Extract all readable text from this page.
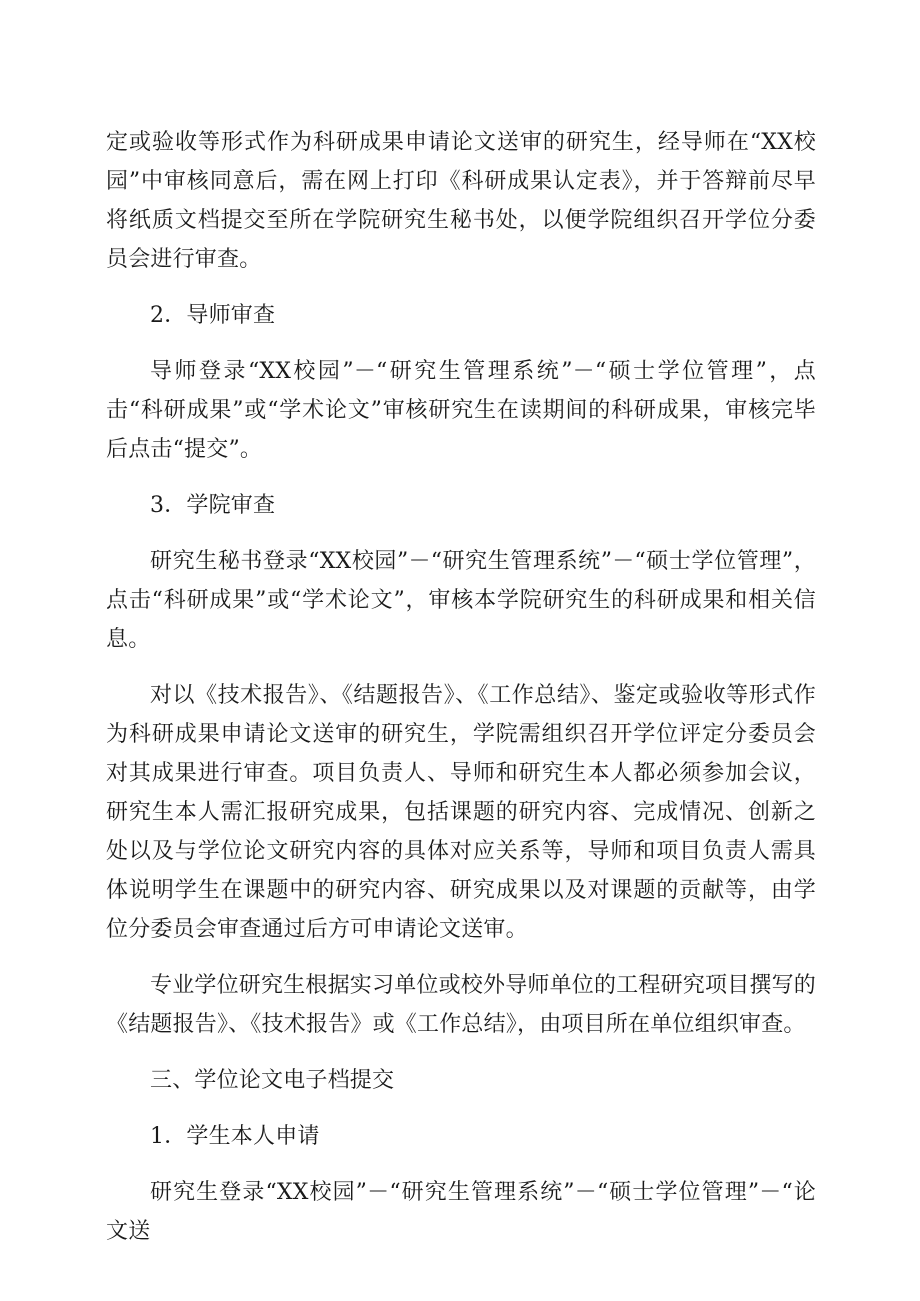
定或验收等形式作为科研成果申请论文送审的研究生，经导师在“XX校园”中审核同意后，需在网上打印《科研成果认定表》，并于答辩前尽早将纸质文档提交至所在学院研究生秘书处，以便学院组织召开学位分委员会进行审查。

2．导师审查

导师登录“XX校园”－“研究生管理系统”－“硕士学位管理”，点击“科研成果”或“学术论文”审核研究生在读期间的科研成果，审核完毕后点击“提交”。

3．学院审查

研究生秘书登录“XX校园”－“研究生管理系统”－“硕士学位管理”，点击“科研成果”或“学术论文”，审核本学院研究生的科研成果和相关信息。

对以《技术报告》、《结题报告》、《工作总结》、鉴定或验收等形式作为科研成果申请论文送审的研究生，学院需组织召开学位评定分委员会对其成果进行审查。项目负责人、导师和研究生本人都必须参加会议，研究生本人需汇报研究成果，包括课题的研究内容、完成情况、创新之处以及与学位论文研究内容的具体对应关系等，导师和项目负责人需具体说明学生在课题中的研究内容、研究成果以及对课题的贡献等，由学位分委员会审查通过后方可申请论文送审。

专业学位研究生根据实习单位或校外导师单位的工程研究项目撰写的《结题报告》、《技术报告》或《工作总结》，由项目所在单位组织审查。

三、学位论文电子档提交

1．学生本人申请

研究生登录“XX校园”－“研究生管理系统”－“硕士学位管理”－“论文送
